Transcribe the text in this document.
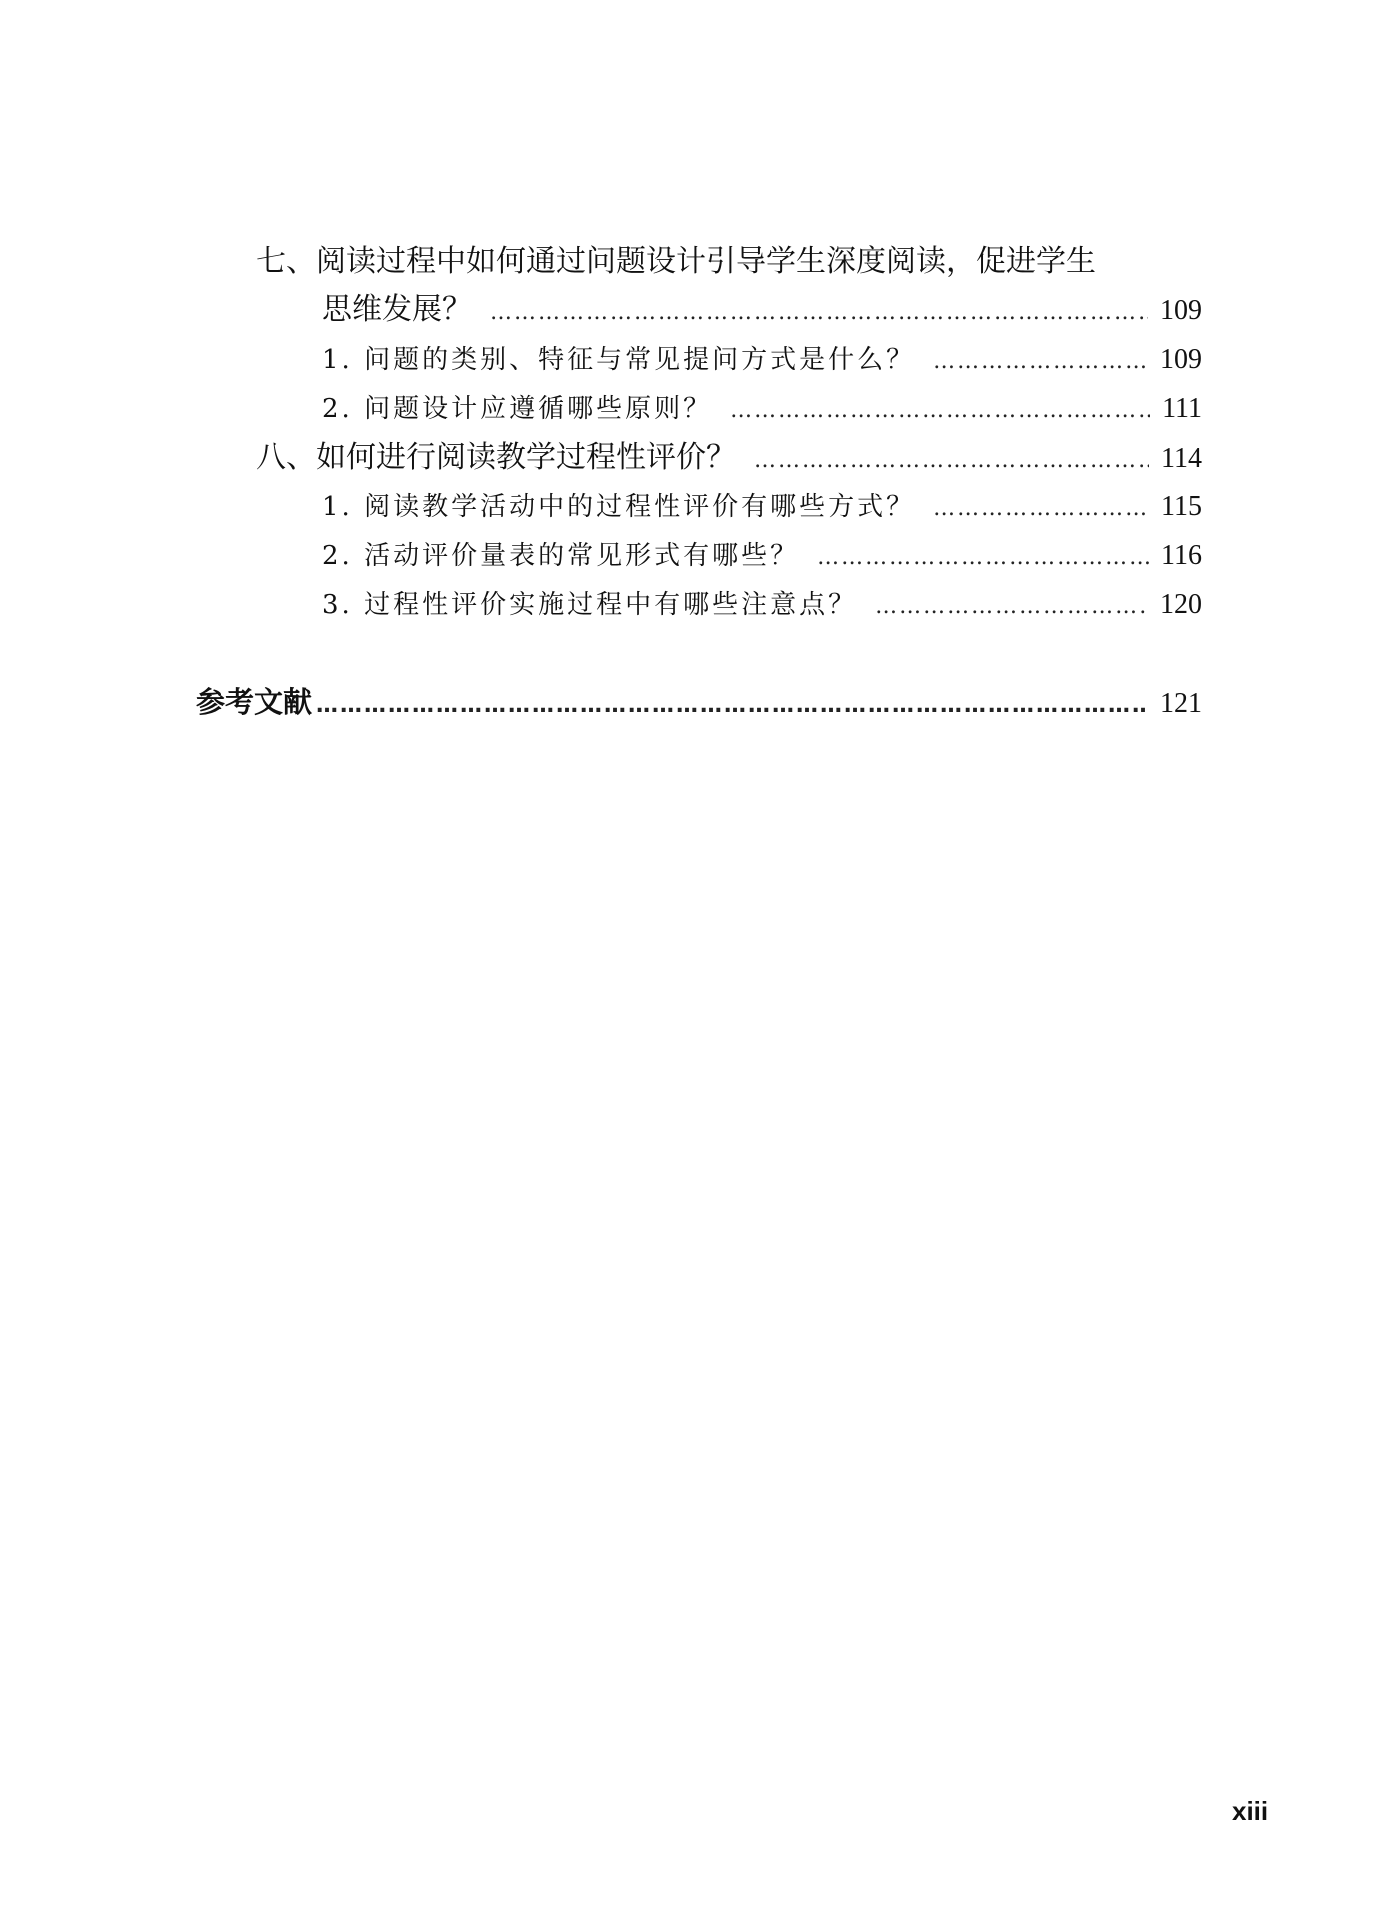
七、阅读过程中如何通过问题设计引导学生深度阅读，促进学生
思维发展？ ………………………………………………………………………………………………………………………………………………………………………………………………	109
1. 问题的类别、特征与常见提问方式是什么？ ………………………………………………………………………………………………………………………………………………………………………………………………	109
2. 问题设计应遵循哪些原则？ ………………………………………………………………………………………………………………………………………………………………………………………………	111
八、如何进行阅读教学过程性评价？ ………………………………………………………………………………………………………………………………………………………………………………………………	114
1. 阅读教学活动中的过程性评价有哪些方式？ ………………………………………………………………………………………………………………………………………………………………………………………………	115
2. 活动评价量表的常见形式有哪些？ ………………………………………………………………………………………………………………………………………………………………………………………………	116
3. 过程性评价实施过程中有哪些注意点？ ………………………………………………………………………………………………………………………………………………………………………………………………	120
参考文献 ………………………………………………………………………………………………………………………………………………………………………………………………	121
xiii
